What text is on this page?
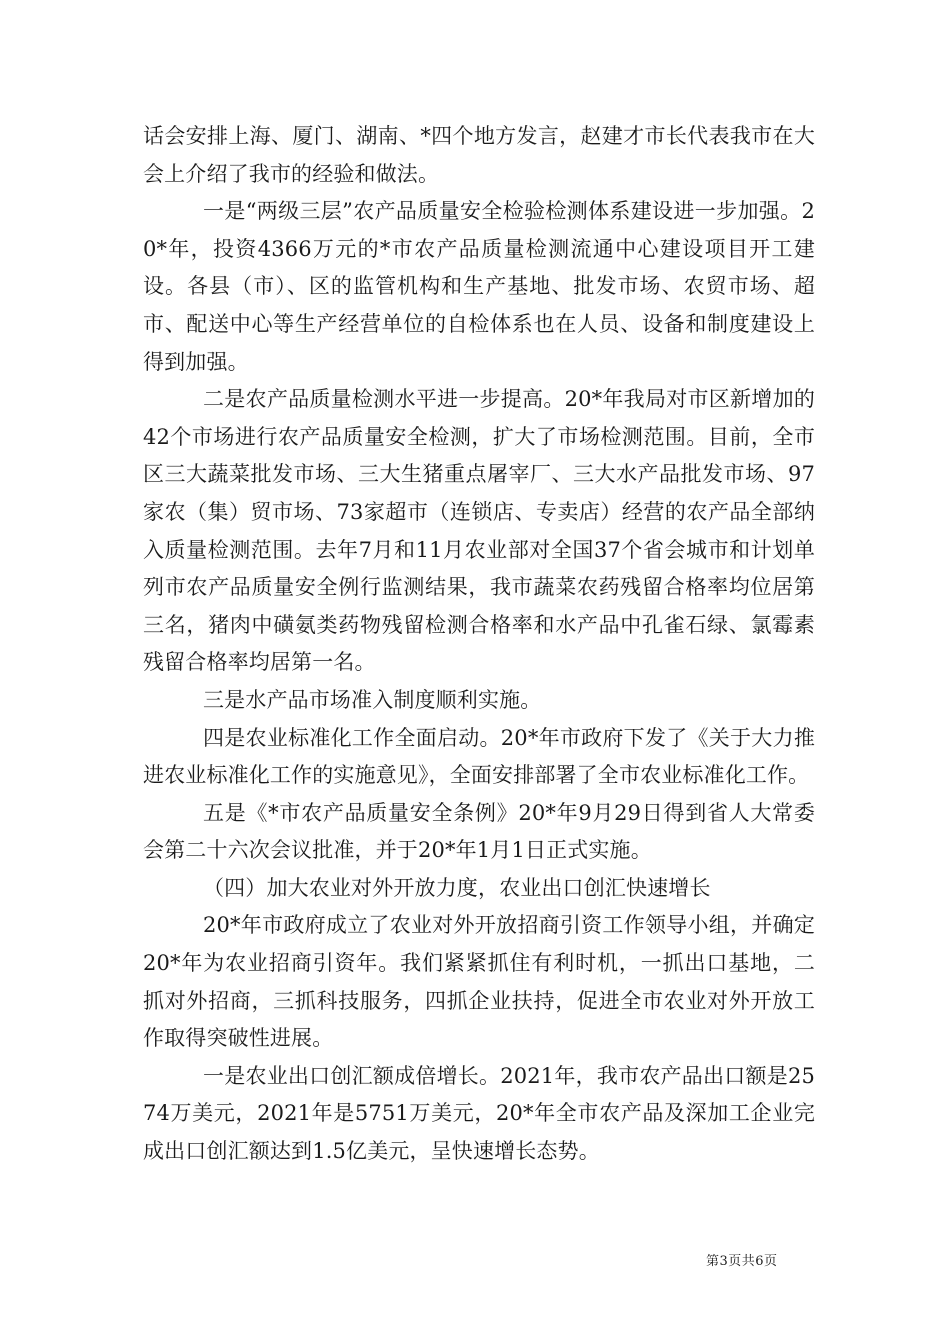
话会安排上海、厦门、湖南、*四个地方发言，赵建才市长代表我市在大会上介绍了我市的经验和做法。

一是“两级三层”农产品质量安全检验检测体系建设进一步加强。20*年，投资4366万元的*市农产品质量检测流通中心建设项目开工建设。各县（市）、区的监管机构和生产基地、批发市场、农贸市场、超市、配送中心等生产经营单位的自检体系也在人员、设备和制度建设上得到加强。

二是农产品质量检测水平进一步提高。20*年我局对市区新增加的42个市场进行农产品质量安全检测，扩大了市场检测范围。目前，全市区三大蔬菜批发市场、三大生猪重点屠宰厂、三大水产品批发市场、97家农（集）贸市场、73家超市（连锁店、专卖店）经营的农产品全部纳入质量检测范围。去年7月和11月农业部对全国37个省会城市和计划单列市农产品质量安全例行监测结果，我市蔬菜农药残留合格率均位居第三名，猪肉中磺氨类药物残留检测合格率和水产品中孔雀石绿、氯霉素残留合格率均居第一名。

三是水产品市场准入制度顺利实施。

四是农业标准化工作全面启动。20*年市政府下发了《关于大力推进农业标准化工作的实施意见》，全面安排部署了全市农业标准化工作。

五是《*市农产品质量安全条例》20*年9月29日得到省人大常委会第二十六次会议批准，并于20*年1月1日正式实施。

（四）加大农业对外开放力度，农业出口创汇快速增长

20*年市政府成立了农业对外开放招商引资工作领导小组，并确定20*年为农业招商引资年。我们紧紧抓住有利时机，一抓出口基地，二抓对外招商，三抓科技服务，四抓企业扶持，促进全市农业对外开放工作取得突破性进展。

一是农业出口创汇额成倍增长。2021年，我市农产品出口额是2574万美元，2021年是5751万美元，20*年全市农产品及深加工企业完成出口创汇额达到1.5亿美元，呈快速增长态势。

第3页共6页
